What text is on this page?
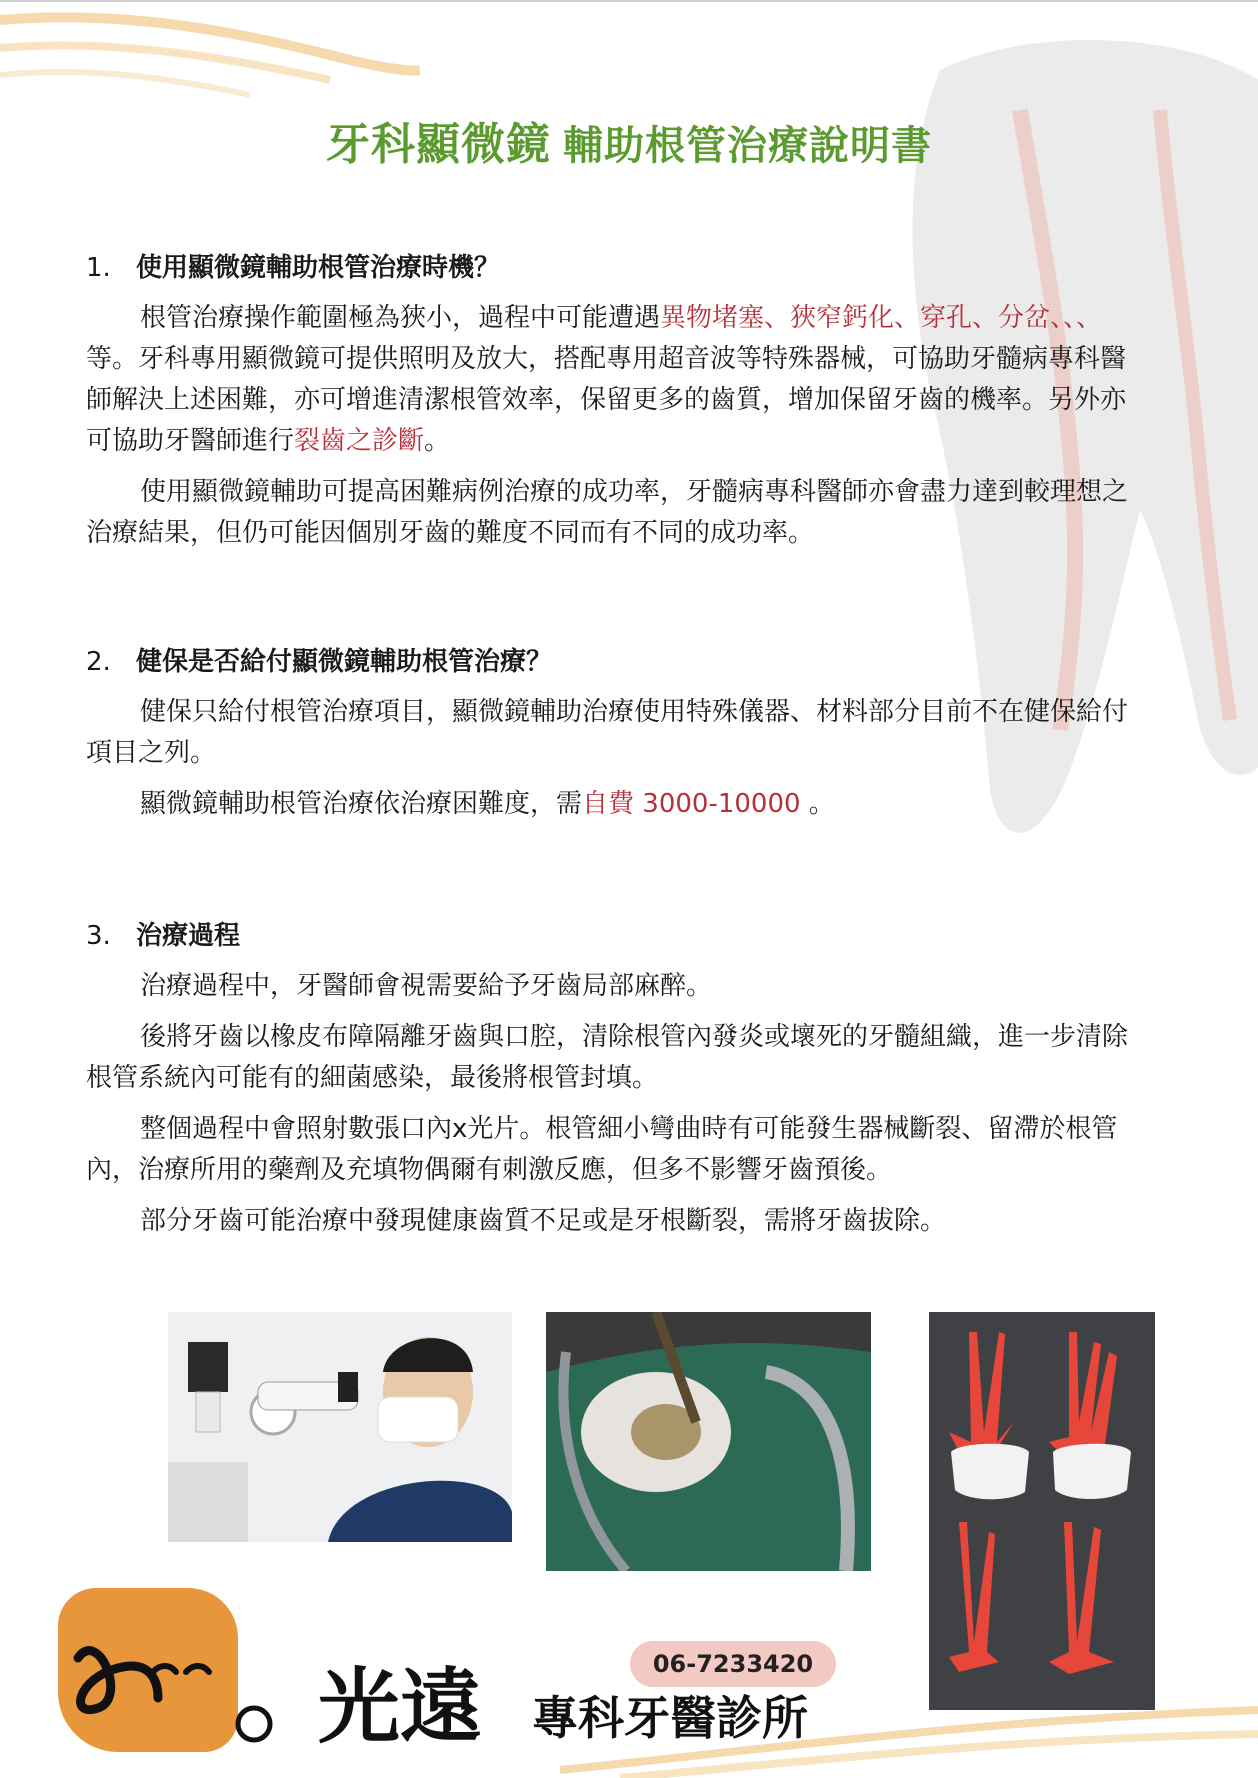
牙科顯微鏡 輔助根管治療說明書

1. 使用顯微鏡輔助根管治療時機？

根管治療操作範圍極為狹小，過程中可能遭遇異物堵塞、狹窄鈣化、穿孔、分岔、、、等。牙科專用顯微鏡可提供照明及放大，搭配專用超音波等特殊器械，可協助牙髓病專科醫師解決上述困難，亦可增進清潔根管效率，保留更多的齒質，增加保留牙齒的機率。另外亦可協助牙醫師進行裂齒之診斷。

使用顯微鏡輔助可提高困難病例治療的成功率，牙髓病專科醫師亦會盡力達到較理想之治療結果，但仍可能因個別牙齒的難度不同而有不同的成功率。

2. 健保是否給付顯微鏡輔助根管治療？

健保只給付根管治療項目，顯微鏡輔助治療使用特殊儀器、材料部分目前不在健保給付項目之列。

顯微鏡輔助根管治療依治療困難度，需自費 3000-10000 。

3. 治療過程

治療過程中，牙醫師會視需要給予牙齒局部麻醉。

後將牙齒以橡皮布障隔離牙齒與口腔，清除根管內發炎或壞死的牙髓組織，進一步清除根管系統內可能有的細菌感染，最後將根管封填。

整個過程中會照射數張口內x光片。根管細小彎曲時有可能發生器械斷裂、留滯於根管內，治療所用的藥劑及充填物偶爾有刺激反應，但多不影響牙齒預後。

部分牙齒可能治療中發現健康齒質不足或是牙根斷裂，需將牙齒拔除。

光遠 專科牙醫診所
06-7233420
